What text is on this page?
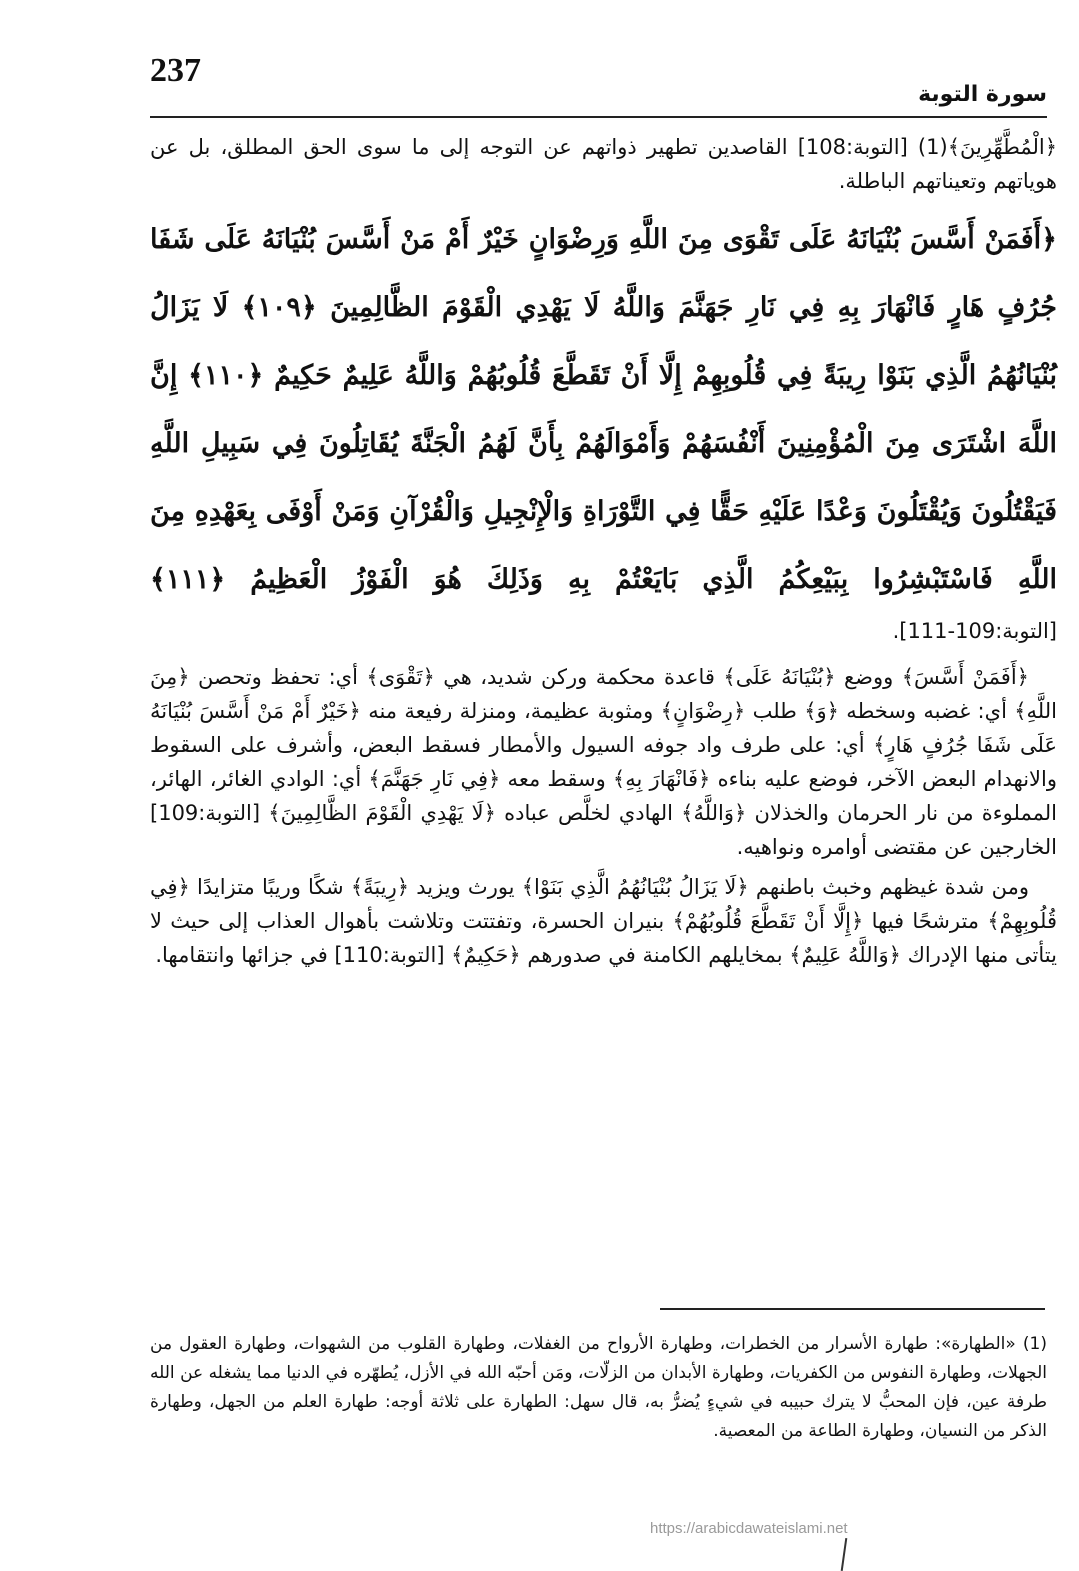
237
سورة التوبة

﴿الْمُطَّهِّرِينَ﴾(1) [التوبة:108] القاصدين تطهير ذواتهم عن التوجه إلى ما سوى الحق المطلق، بل عن هوياتهم وتعيناتهم الباطلة.

﴿أَفَمَنْ أَسَّسَ بُنْيَانَهُ عَلَى تَقْوَى مِنَ اللَّهِ وَرِضْوَانٍ خَيْرٌ أَمْ مَنْ أَسَّسَ بُنْيَانَهُ عَلَى شَفَا جُرُفٍ هَارٍ فَانْهَارَ بِهِ فِي نَارِ جَهَنَّمَ وَاللَّهُ لَا يَهْدِي الْقَوْمَ الظَّالِمِينَ ﴿١٠٩﴾ لَا يَزَالُ بُنْيَانُهُمُ الَّذِي بَنَوْا رِيبَةً فِي قُلُوبِهِمْ إِلَّا أَنْ تَقَطَّعَ قُلُوبُهُمْ وَاللَّهُ عَلِيمٌ حَكِيمٌ ﴿١١٠﴾ إِنَّ اللَّهَ اشْتَرَى مِنَ الْمُؤْمِنِينَ أَنْفُسَهُمْ وَأَمْوَالَهُمْ بِأَنَّ لَهُمُ الْجَنَّةَ يُقَاتِلُونَ فِي سَبِيلِ اللَّهِ فَيَقْتُلُونَ وَيُقْتَلُونَ وَعْدًا عَلَيْهِ حَقًّا فِي التَّوْرَاةِ وَالْإِنْجِيلِ وَالْقُرْآنِ وَمَنْ أَوْفَى بِعَهْدِهِ مِنَ اللَّهِ فَاسْتَبْشِرُوا بِبَيْعِكُمُ الَّذِي بَايَعْتُمْ بِهِ وَذَلِكَ هُوَ الْفَوْزُ الْعَظِيمُ ﴿١١١﴾

[التوبة:109-111].

﴿أَفَمَنْ أَسَّسَ﴾ ووضع ﴿بُنْيَانَهُ عَلَى﴾ قاعدة محكمة وركن شديد، هي ﴿تَقْوَى﴾ أي: تحفظ وتحصن ﴿مِنَ اللَّهِ﴾ أي: غضبه وسخطه ﴿وَ﴾ طلب ﴿رِضْوَانٍ﴾ ومثوبة عظيمة، ومنزلة رفيعة منه ﴿خَيْرٌ أَمْ مَنْ أَسَّسَ بُنْيَانَهُ عَلَى شَفَا جُرُفٍ هَارٍ﴾ أي: على طرف واد جوفه السيول والأمطار فسقط البعض، وأشرف على السقوط والانهدام البعض الآخر، فوضع عليه بناءه ﴿فَانْهَارَ بِهِ﴾ وسقط معه ﴿فِي نَارِ جَهَنَّمَ﴾ أي: الوادي الغائر، الهائر، المملوءة من نار الحرمان والخذلان ﴿وَاللَّهُ﴾ الهادي لخلَّص عباده ﴿لَا يَهْدِي الْقَوْمَ الظَّالِمِينَ﴾ [التوبة:109] الخارجين عن مقتضى أوامره ونواهيه.

ومن شدة غيظهم وخبث باطنهم ﴿لَا يَزَالُ بُنْيَانُهُمُ الَّذِي بَنَوْا﴾ يورث ويزيد ﴿رِيبَةً﴾ شكًا وريبًا متزايدًا ﴿فِي قُلُوبِهِمْ﴾ مترشحًا فيها ﴿إِلَّا أَنْ تَقَطَّعَ قُلُوبُهُمْ﴾ بنيران الحسرة، وتفتتت وتلاشت بأهوال العذاب إلى حيث لا يتأتى منها الإدراك ﴿وَاللَّهُ عَلِيمٌ﴾ بمخايلهم الكامنة في صدورهم ﴿حَكِيمٌ﴾ [التوبة:110] في جزائها وانتقامها.

(1) «الطهارة»: طهارة الأسرار من الخطرات، وطهارة الأرواح من الغفلات، وطهارة القلوب من الشهوات، وطهارة العقول من الجهلات، وطهارة النفوس من الكفريات، وطهارة الأبدان من الزلّات، ومَن أحبّه الله في الأزل، يُطهّره في الدنيا مما يشغله عن الله طرفة عين، فإن المحبُّ لا يترك حبيبه في شيءٍ يُضرُّ به، قال سهل: الطهارة على ثلاثة أوجه: طهارة العلم من الجهل، وطهارة الذكر من النسيان، وطهارة الطاعة من المعصية.
https://arabicdawateislami.net
